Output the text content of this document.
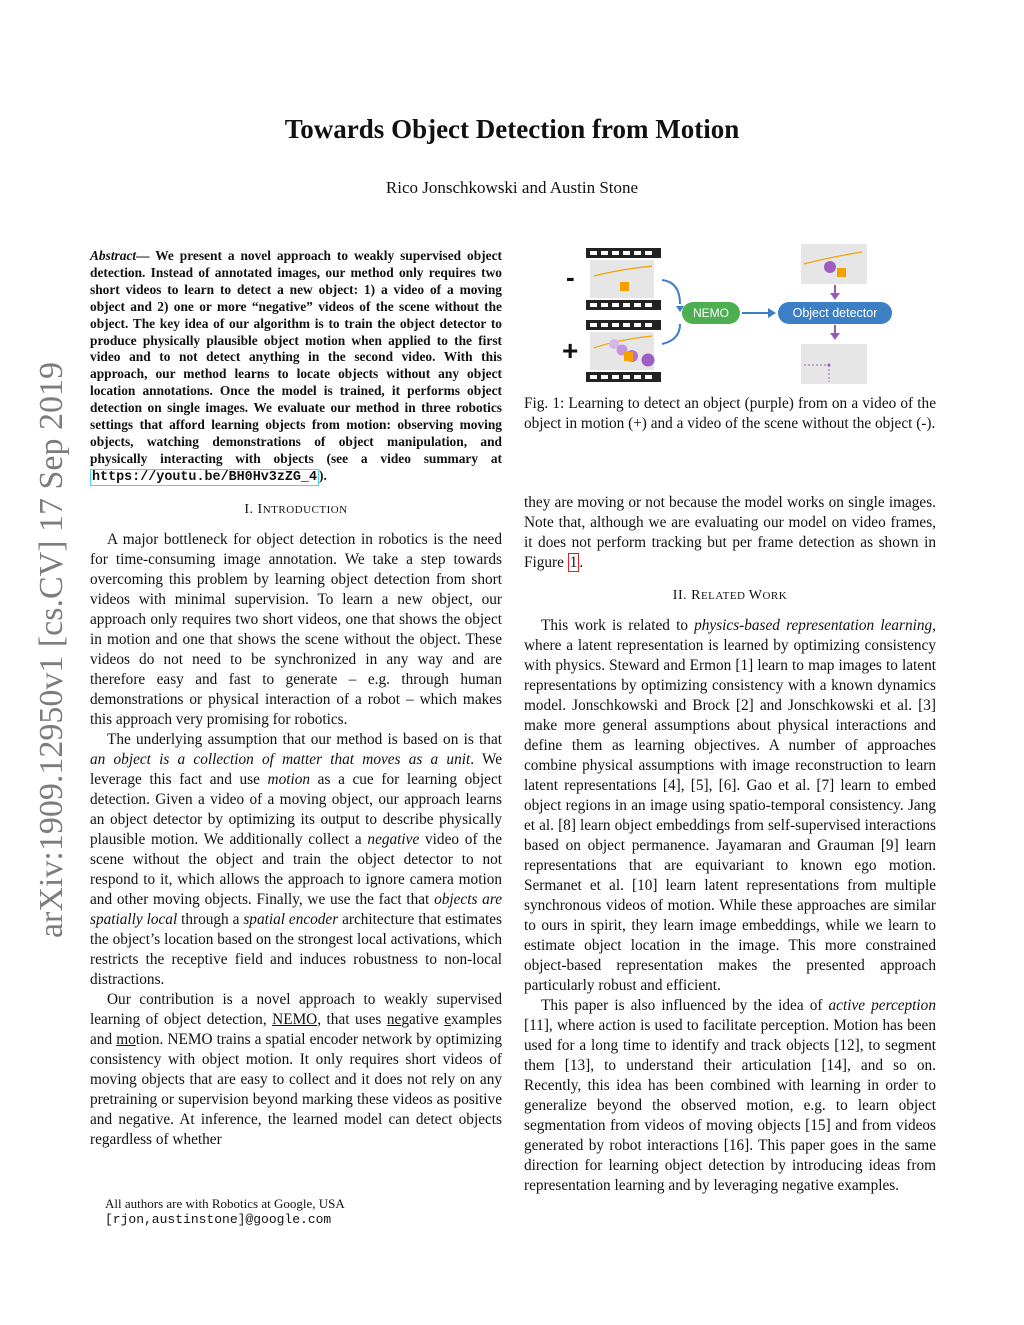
arXiv:1909.12950v1 [cs.CV] 17 Sep 2019
Towards Object Detection from Motion
Rico Jonschkowski and Austin Stone

Abstract— We present a novel approach to weakly supervised object detection. Instead of annotated images, our method only requires two short videos to learn to detect a new object: 1) a video of a moving object and 2) one or more “negative” videos of the scene without the object. The key idea of our algorithm is to train the object detector to produce physically plausible object motion when applied to the first video and to not detect anything in the second video. With this approach, our method learns to locate objects without any object location annotations. Once the model is trained, it performs object detection on single images. We evaluate our method in three robotics settings that afford learning objects from motion: observing moving objects, watching demonstrations of object manipulation, and physically interacting with objects (see a video summary at https://youtu.be/BH0Hv3zZG_4 ).

I. INTRODUCTION

A major bottleneck for object detection in robotics is the need for time-consuming image annotation. We take a step towards overcoming this problem by learning object detection from short videos with minimal supervision. To learn a new object, our approach only requires two short videos, one that shows the object in motion and one that shows the scene without the object. These videos do not need to be synchronized in any way and are therefore easy and fast to generate – e.g. through human demonstrations or physical interaction of a robot – which makes this approach very promising for robotics.

The underlying assumption that our method is based on is that an object is a collection of matter that moves as a unit. We leverage this fact and use motion as a cue for learning object detection. Given a video of a moving object, our approach learns an object detector by optimizing its output to describe physically plausible motion. We additionally collect a negative video of the scene without the object and train the object detector to not respond to it, which allows the approach to ignore camera motion and other moving objects. Finally, we use the fact that objects are spatially local through a spatial encoder architecture that estimates the object’s location based on the strongest local activations, which restricts the receptive field and induces robustness to non-local distractions.

Our contribution is a novel approach to weakly supervised learning of object detection, NEMO, that uses negative examples and motion. NEMO trains a spatial encoder network by optimizing consistency with object motion. It only requires short videos of moving objects that are easy to collect and it does not rely on any pretraining or supervision beyond marking these videos as positive and negative. At inference, the learned model can detect objects regardless of whether

All authors are with Robotics at Google, USA
[rjon,austinstone]@google.com
-
+
NEMO	Object detector

Fig. 1: Learning to detect an object (purple) from on a video of the object in motion (+) and a video of the scene without the object (-).

they are moving or not because the model works on single images. Note that, although we are evaluating our model on video frames, it does not perform tracking but per frame detection as shown in Figure 1 .

II. RELATED WORK

This work is related to physics-based representation learning, where a latent representation is learned by optimizing consistency with physics. Steward and Ermon [1] learn to map images to latent representations by optimizing consistency with a known dynamics model. Jonschkowski and Brock [2] and Jonschkowski et al. [3] make more general assumptions about physical interactions and define them as learning objectives. A number of approaches combine physical assumptions with image reconstruction to learn latent representations [4], [5], [6]. Gao et al. [7] learn to embed object regions in an image using spatio-temporal consistency. Jang et al. [8] learn object embeddings from self-supervised interactions based on object permanence. Jayamaran and Grauman [9] learn representations that are equivariant to known ego motion. Sermanet et al. [10] learn latent representations from multiple synchronous videos of motion. While these approaches are similar to ours in spirit, they learn image embeddings, while we learn to estimate object location in the image. This more constrained object-based representation makes the presented approach particularly robust and efficient.

This paper is also influenced by the idea of active perception [11], where action is used to facilitate perception. Motion has been used for a long time to identify and track objects [12], to segment them [13], to understand their articulation [14], and so on. Recently, this idea has been combined with learning in order to generalize beyond the observed motion, e.g. to learn object segmentation from videos of moving objects [15] and from videos generated by robot interactions [16]. This paper goes in the same direction for learning object detection by introducing ideas from representation learning and by leveraging negative examples.
